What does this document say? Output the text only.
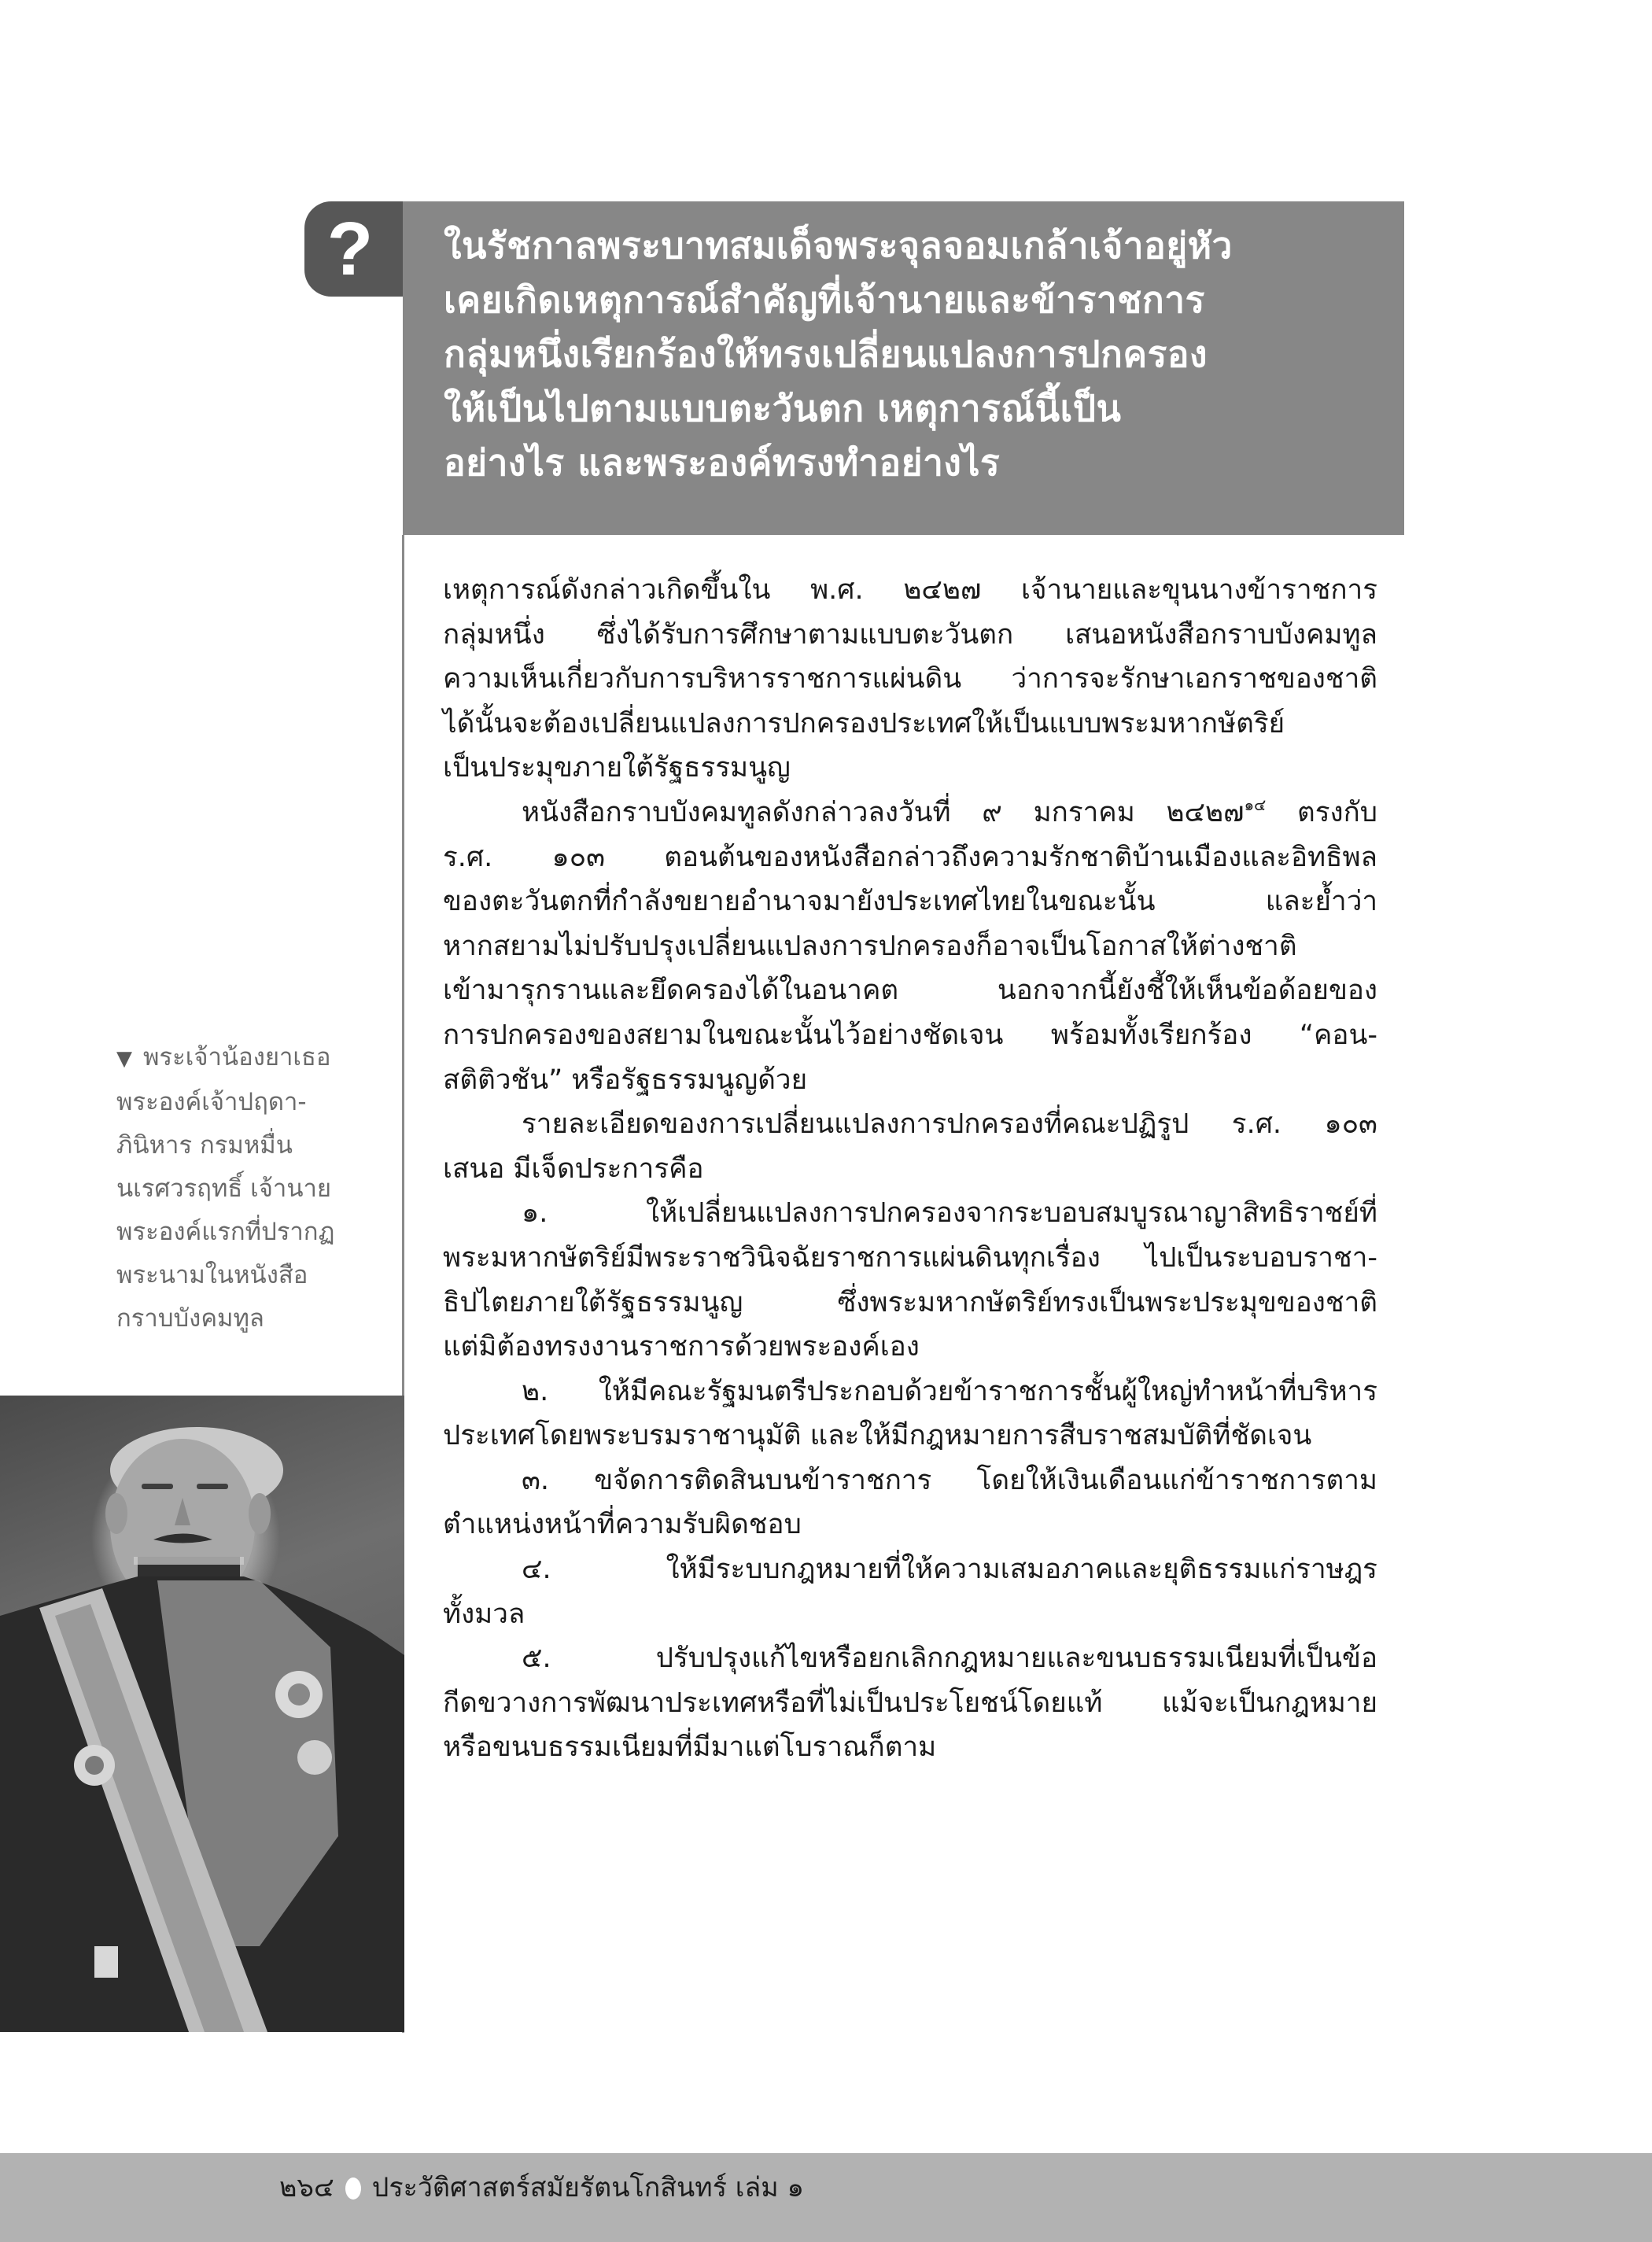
? ในรัชกาลพระบาทสมเด็จพระจุลจอมเกล้าเจ้าอยู่หัว
เคยเกิดเหตุการณ์สำคัญที่เจ้านายและข้าราชการ
กลุ่มหนึ่งเรียกร้องให้ทรงเปลี่ยนแปลงการปกครอง
ให้เป็นไปตามแบบตะวันตก เหตุการณ์นี้เป็น
อย่างไร และพระองค์ทรงทำอย่างไร
เหตุการณ์ดังกล่าวเกิดขึ้นใน พ.ศ. ๒๔๒๗ เจ้านายและขุนนางข้าราชการ
กลุ่มหนึ่ง ซึ่งได้รับการศึกษาตามแบบตะวันตก เสนอหนังสือกราบบังคมทูล
ความเห็นเกี่ยวกับการบริหารราชการแผ่นดิน ว่าการจะรักษาเอกราชของชาติ
ได้นั้นจะต้องเปลี่ยนแปลงการปกครองประเทศให้เป็นแบบพระมหากษัตริย์
เป็นประมุขภายใต้รัฐธรรมนูญ
หนังสือกราบบังคมทูลดังกล่าวลงวันที่ ๙ มกราคม ๒๔๒๗$^{๑๔}$ ตรงกับ
ร.ศ. ๑๐๓ ตอนต้นของหนังสือกล่าวถึงความรักชาติบ้านเมืองและอิทธิพล
ของตะวันตกที่กำลังขยายอำนาจมายังประเทศไทยในขณะนั้น และย้ำว่า
หากสยามไม่ปรับปรุงเปลี่ยนแปลงการปกครองก็อาจเป็นโอกาสให้ต่างชาติ
เข้ามารุกรานและยึดครองได้ในอนาคต นอกจากนี้ยังชี้ให้เห็นข้อด้อยของ
การปกครองของสยามในขณะนั้นไว้อย่างชัดเจน พร้อมทั้งเรียกร้อง “คอน-
สติติวชัน” หรือรัฐธรรมนูญด้วย
รายละเอียดของการเปลี่ยนแปลงการปกครองที่คณะปฏิรูป ร.ศ. ๑๐๓
เสนอ มีเจ็ดประการคือ
๑. ให้เปลี่ยนแปลงการปกครองจากระบอบสมบูรณาญาสิทธิราชย์ที่
พระมหากษัตริย์มีพระราชวินิจฉัยราชการแผ่นดินทุกเรื่อง ไปเป็นระบอบราชา-
ธิปไตยภายใต้รัฐธรรมนูญ ซึ่งพระมหากษัตริย์ทรงเป็นพระประมุขของชาติ
แต่มิต้องทรงงานราชการด้วยพระองค์เอง
๒. ให้มีคณะรัฐมนตรีประกอบด้วยข้าราชการชั้นผู้ใหญ่ทำหน้าที่บริหาร
ประเทศโดยพระบรมราชานุมัติ และให้มีกฎหมายการสืบราชสมบัติที่ชัดเจน
๓. ขจัดการติดสินบนข้าราชการ โดยให้เงินเดือนแก่ข้าราชการตาม
ตำแหน่งหน้าที่ความรับผิดชอบ
๔. ให้มีระบบกฎหมายที่ให้ความเสมอภาคและยุติธรรมแก่ราษฎร
ทั้งมวล
๕. ปรับปรุงแก้ไขหรือยกเลิกกฎหมายและขนบธรรมเนียมที่เป็นข้อ
กีดขวางการพัฒนาประเทศหรือที่ไม่เป็นประโยชน์โดยแท้ แม้จะเป็นกฎหมาย
หรือขนบธรรมเนียมที่มีมาแต่โบราณก็ตาม
▼ พระเจ้าน้องยาเธอ
พระองค์เจ้าปฤดา-
ภินิหาร กรมหมื่น
นเรศวรฤทธิ์ เจ้านาย
พระองค์แรกที่ปรากฏ
พระนามในหนังสือ
กราบบังคมทูล
๒๖๔ ประวัติศาสตร์สมัยรัตนโกสินทร์ เล่ม ๑
